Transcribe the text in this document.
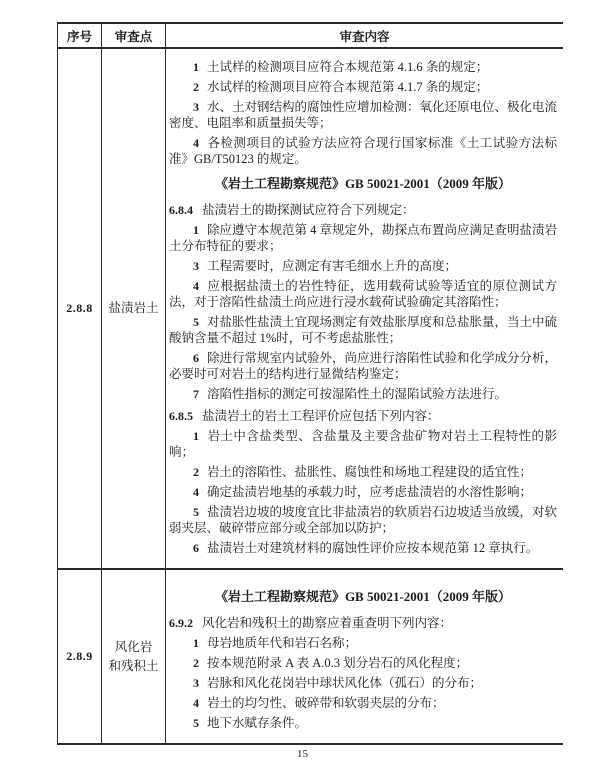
序号	审查点	审查内容
2.8.8 盐渍岩土

1 土试样的检测项目应符合本规范第 4.1.6 条的规定；

2 水试样的检测项目应符合本规范第 4.1.7 条的规定；

3 水、土对钢结构的腐蚀性应增加检测：氧化还原电位、极化电流密度、电阻率和质量损失等；

4 各检测项目的试验方法应符合现行国家标准《土工试验方法标准》GB/T50123 的规定。

《岩土工程勘察规范》GB 50021-2001（2009 年版）

6.8.4 盐渍岩土的勘探测试应符合下列规定：

1 除应遵守本规范第 4 章规定外，勘探点布置尚应满足查明盐渍岩土分布特征的要求；

3 工程需要时，应测定有害毛细水上升的高度；

4 应根据盐渍土的岩性特征，选用载荷试验等适宜的原位测试方法，对于溶陷性盐渍土尚应进行浸水载荷试验确定其溶陷性；

5 对盐胀性盐渍土宜现场测定有效盐胀厚度和总盐胀量，当土中硫酸钠含量不超过 1%时，可不考虑盐胀性；

6 除进行常规室内试验外，尚应进行溶陷性试验和化学成分分析，必要时可对岩土的结构进行显微结构鉴定；

7 溶陷性指标的测定可按湿陷性土的湿陷试验方法进行。

6.8.5 盐渍岩土的岩土工程评价应包括下列内容：

1 岩土中含盐类型、含盐量及主要含盐矿物对岩土工程特性的影响；

2 岩土的溶陷性、盐胀性、腐蚀性和场地工程建设的适宜性；

4 确定盐渍岩地基的承载力时，应考虑盐渍岩的水溶性影响；

5 盐渍岩边坡的坡度宜比非盐渍岩的软质岩石边坡适当放缓，对软弱夹层、破碎带应部分或全部加以防护；

6 盐渍岩土对建筑材料的腐蚀性评价应按本规范第 12 章执行。

2.8.9
风化岩
和残积土

《岩土工程勘察规范》GB 50021-2001（2009 年版）

6.9.2 风化岩和残积土的勘察应着重查明下列内容：

1 母岩地质年代和岩石名称；

2 按本规范附录 A 表 A.0.3 划分岩石的风化程度；

3 岩脉和风化花岗岩中球状风化体（孤石）的分布；

4 岩土的均匀性、破碎带和软弱夹层的分布；

5 地下水赋存条件。

15
